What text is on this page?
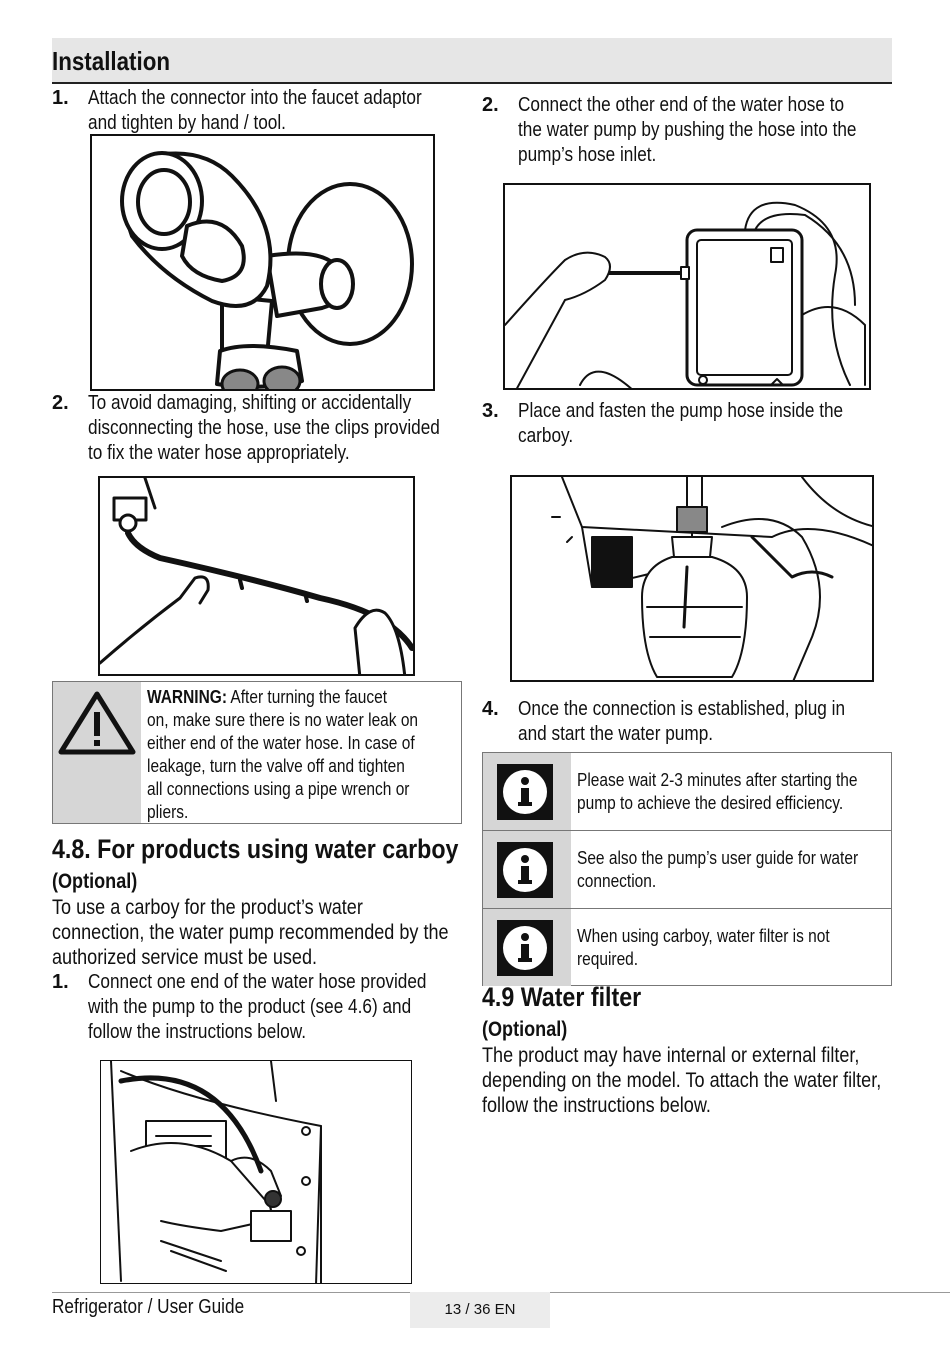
Installation
1. Attach the connector into the faucet adaptor
and tighten by hand / tool.
2. To avoid damaging, shifting or accidentally
disconnecting the hose, use the clips provided
to fix the water hose appropriately.
WARNING: After turning the faucet
on, make sure there is no water leak on
either end of the water hose. In case of
leakage, turn the valve off and tighten
all connections using a pipe wrench or
pliers.
4.8. For products using water carboy
(Optional)
To use a carboy for the product’s water
connection, the water pump recommended by the
authorized service must be used.
1. Connect one end of the water hose provided
with the pump to the product (see 4.6) and
follow the instructions below.
2. Connect the other end of the water hose to
the water pump by pushing the hose into the
pump’s hose inlet.
3. Place and fasten the pump hose inside the
carboy.
4. Once the connection is established, plug in
and start the water pump.
Please wait 2-3 minutes after starting the
pump to achieve the desired efficiency.
See also the pump’s user guide for water
connection.
When using carboy, water filter is not
required.
4.9 Water filter
(Optional)
The product may have internal or external filter,
depending on the model. To attach the water filter,
follow the instructions below.
Refrigerator / User Guide	13 / 36 EN
